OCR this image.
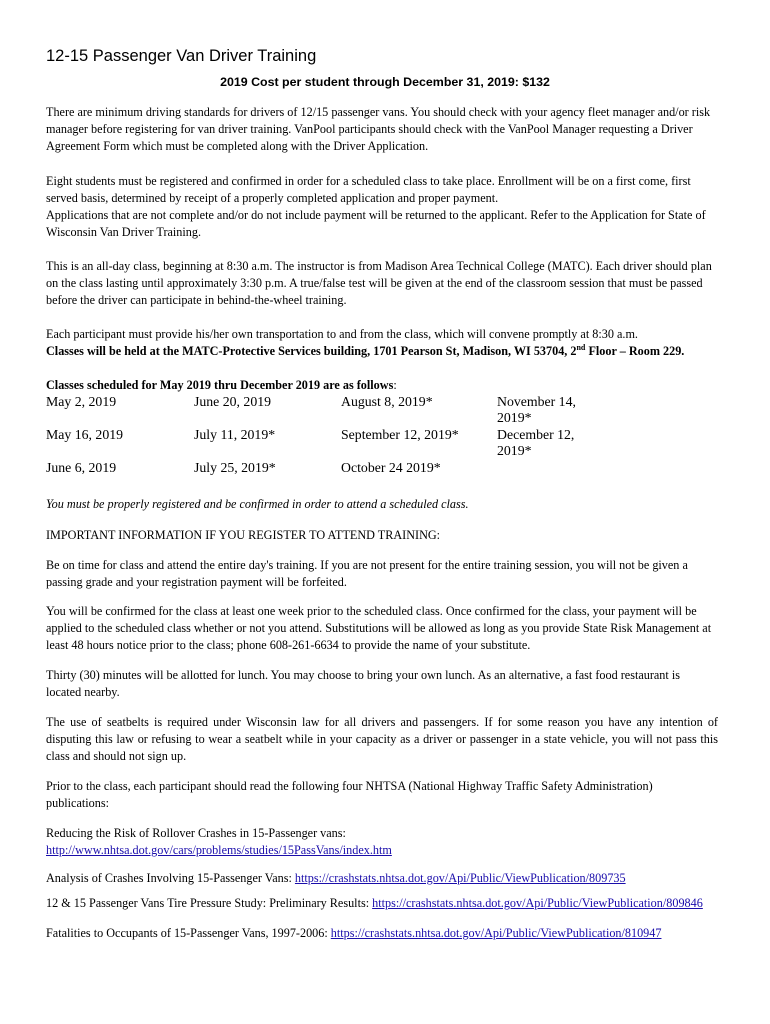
12-15 Passenger Van Driver Training
2019 Cost per student through December 31, 2019: $132

There are minimum driving standards for drivers of 12/15 passenger vans. You should check with your agency fleet manager and/or risk manager before registering for van driver training. VanPool participants should check with the VanPool Manager requesting a Driver Agreement Form which must be completed along with the Driver Application.

Eight students must be registered and confirmed in order for a scheduled class to take place. Enrollment will be on a first come, first served basis, determined by receipt of a properly completed application and proper payment.

Applications that are not complete and/or do not include payment will be returned to the applicant. Refer to the Application for State of Wisconsin Van Driver Training.

This is an all-day class, beginning at 8:30 a.m. The instructor is from Madison Area Technical College (MATC). Each driver should plan on the class lasting until approximately 3:30 p.m. A true/false test will be given at the end of the classroom session that must be passed before the driver can participate in behind-the-wheel training.

Each participant must provide his/her own transportation to and from the class, which will convene promptly at 8:30 a.m.

Classes will be held at the MATC-Protective Services building, 1701 Pearson St, Madison, WI 53704, 2nd Floor – Room 229.

Classes scheduled for May 2019 thru December 2019 are as follows:

May 2, 2019	June 20, 2019	August 8, 2019*	November 14, 2019*
May 16, 2019	July 11, 2019*	September 12, 2019*	December 12, 2019*
June 6, 2019	July 25, 2019*	October 24 2019*

You must be properly registered and be confirmed in order to attend a scheduled class.

IMPORTANT INFORMATION IF YOU REGISTER TO ATTEND TRAINING:

Be on time for class and attend the entire day's training. If you are not present for the entire training session, you will not be given a passing grade and your registration payment will be forfeited.

You will be confirmed for the class at least one week prior to the scheduled class. Once confirmed for the class, your payment will be applied to the scheduled class whether or not you attend. Substitutions will be allowed as long as you provide State Risk Management at least 48 hours notice prior to the class; phone 608-261-6634 to provide the name of your substitute.

Thirty (30) minutes will be allotted for lunch. You may choose to bring your own lunch. As an alternative, a fast food restaurant is located nearby.

The use of seatbelts is required under Wisconsin law for all drivers and passengers. If for some reason you have any intention of disputing this law or refusing to wear a seatbelt while in your capacity as a driver or passenger in a state vehicle, you will not pass this class and should not sign up.

Prior to the class, each participant should read the following four NHTSA (National Highway Traffic Safety Administration) publications:

Reducing the Risk of Rollover Crashes in 15-Passenger vans:
http://www.nhtsa.dot.gov/cars/problems/studies/15PassVans/index.htm

Analysis of Crashes Involving 15-Passenger Vans: https://crashstats.nhtsa.dot.gov/Api/Public/ViewPublication/809735

12 & 15 Passenger Vans Tire Pressure Study: Preliminary Results: https://crashstats.nhtsa.dot.gov/Api/Public/ViewPublication/809846

Fatalities to Occupants of 15-Passenger Vans, 1997-2006: https://crashstats.nhtsa.dot.gov/Api/Public/ViewPublication/810947
